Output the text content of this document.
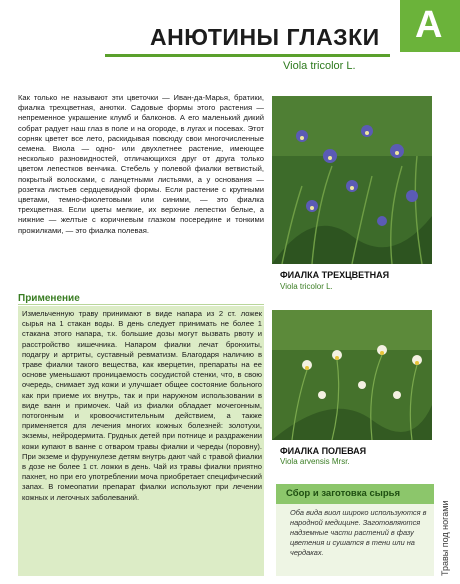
А
АНЮТИНЫ ГЛАЗКИ
Viola tricolor L.
Как только не называют эти цветочки — Иван-да-Марья, братики, фиалка трехцветная, анютки. Садовые формы этого растения — непременное украшение клумб и балконов. А его маленький дикий собрат радует наш глаз в поле и на огороде, в лугах и посевах. Этот сорняк цветет все лето, раскидывая повсюду свои многочисленные семена. Виола — одно- или двухлетнее растение, имеющее несколько разновидностей, отличающихся друг от друга только цветом лепестков венчика. Стебель у полевой фиалки ветвистый, покрытый волосками, с ланцетными листьями, а у основания — розетка листьев сердцевидной формы. Если растение с крупными цветами, темно-фиолетовыми или синими, — это фиалка трехцветная. Если цветы мелкие, их верхние лепестки белые, а нижние — желтые с коричневым глазком посередине и тонкими прожилками, — это фиалка полевая.
Применение
Измельченную траву принимают в виде напара из 2 ст. ложек сырья на 1 стакан воды. В день следует принимать не более 1 стакана этого напара, т.к. большие дозы могут вызвать рвоту и расстройство кишечника. Напаром фиалки лечат бронхиты, подагру и артриты, суставный ревматизм. Благодаря наличию в траве фиалки такого вещества, как кверцетин, препараты на ее основе уменьшают проницаемость сосудистой стенки, что, в свою очередь, снимает зуд кожи и улучшает общее состояние больного как при приеме их внутрь, так и при наружном использовании в виде ванн и примочек. Чай из фиалки обладает мочегонным, потогонным и кровоочистительным действием, а также применяется для лечения многих кожных болезней: золотухи, экземы, нейродермита. Грудных детей при потнице и раздражении кожи купают в ванне с отваром травы фиалки и череды (поровну). При экземе и фурункулезе детям внутрь дают чай с травой фиалки в дозе не более 1 ст. ложки в день. Чай из травы фиалки приятно пахнет, но при его употреблении моча приобретает специфический запах. В гомеопатии препарат фиалки используют при лечении кожных и легочных заболеваний.
ФИАЛКА ТРЕХЦВЕТНАЯ
Viola tricolor L.
ФИАЛКА ПОЛЕВАЯ
Viola arvensis Mrsr.
Сбор и заготовка сырья
Оба вида виол широко используются в народной медицине. Заготовляются надземные части растений в фазу цветения и сушатся в тени или на чердаках.	Травы под ногами
